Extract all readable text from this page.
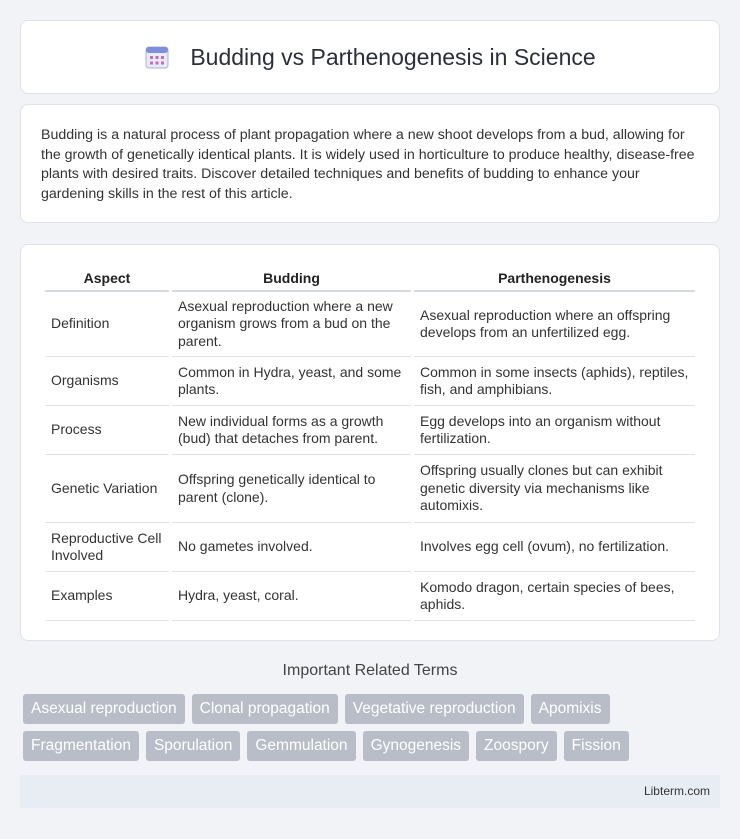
Budding vs Parthenogenesis in Science

Budding is a natural process of plant propagation where a new shoot develops from a bud, allowing for the growth of genetically identical plants. It is widely used in horticulture to produce healthy, disease-free plants with desired traits. Discover detailed techniques and benefits of budding to enhance your gardening skills in the rest of this article.

Aspect	Budding	Parthenogenesis
Definition	Asexual reproduction where a new organism grows from a bud on the parent.	Asexual reproduction where an offspring develops from an unfertilized egg.
Organisms	Common in Hydra, yeast, and some plants.	Common in some insects (aphids), reptiles, fish, and amphibians.
Process	New individual forms as a growth (bud) that detaches from parent.	Egg develops into an organism without fertilization.
Genetic Variation	Offspring genetically identical to parent (clone).	Offspring usually clones but can exhibit genetic diversity via mechanisms like automixis.
Reproductive Cell Involved	No gametes involved.	Involves egg cell (ovum), no fertilization.
Examples	Hydra, yeast, coral.	Komodo dragon, certain species of bees, aphids.
Important Related Terms
Asexual reproduction	Clonal propagation	Vegetative reproduction	Apomixis
Fragmentation	Sporulation	Gemmulation	Gynogenesis	Zoospory	Fission
Libterm.com
